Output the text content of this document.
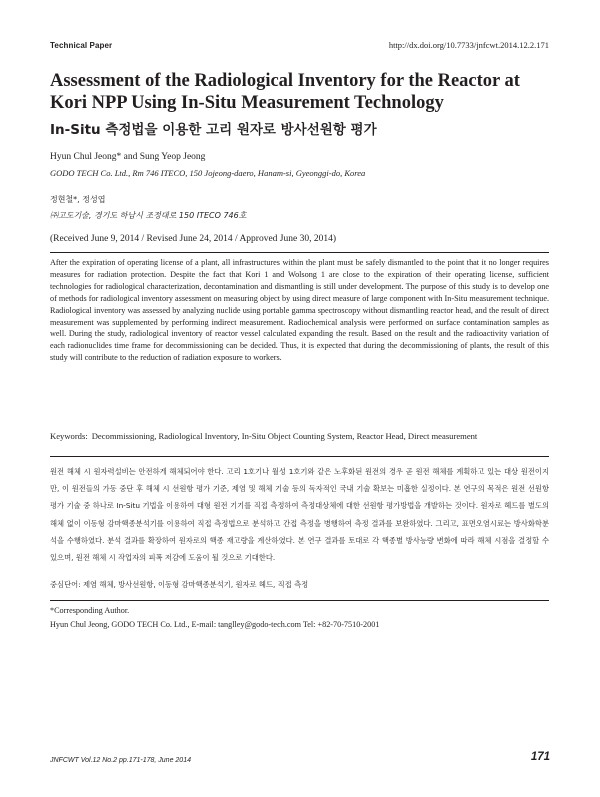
Technical Paper	http://dx.doi.org/10.7733/jnfcwt.2014.12.2.171
Assessment of the Radiological Inventory for the Reactor at Kori NPP Using In-Situ Measurement Technology
In-Situ 측정법을 이용한 고리 원자로 방사선원항 평가
Hyun Chul Jeong* and Sung Yeop Jeong
GODO TECH Co. Ltd., Rm 746 ITECO, 150 Jojeong-daero, Hanam-si, Gyeonggi-do, Korea
정현철*, 정성엽
㈜고도기술, 경기도 하남시 조정대로 150 ITECO 746호
(Received June 9, 2014 / Revised June 24, 2014 / Approved June 30, 2014)

After the expiration of operating license of a plant, all infrastructures within the plant must be safely dismantled to the point that it no longer requires measures for radiation protection. Despite the fact that Kori 1 and Wolsong 1 are close to the expiration of their operating license, sufficient technologies for radiological characterization, decontamination and dismantling is still under development. The purpose of this study is to develop one of methods for radiological inventory assessment on measuring object by using direct measure of large component with In-Situ measurement technique. Radiological inventory was assessed by analyzing nuclide using portable gamma spectroscopy without dismantling reactor head, and the result of direct measurement was supplemented by performing indirect measurement. Radiochemical analysis were performed on surface contamination samples as well. During the study, radiological inventory of reactor vessel calculated expanding the result. Based on the result and the radioactivity variation of each radionuclides time frame for decommissioning can be decided. Thus, it is expected that during the decommissioning of plants, the result of this study will contribute to the reduction of radiation exposure to workers.

Keywords: Decommissioning, Radiological Inventory, In-Situ Object Counting System, Reactor Head, Direct measurement

원전 해체 시 원자력설비는 안전하게 해체되어야 한다. 고리 1호기나 월성 1호기와 같은 노후화된 원전의 경우 곧 원전 해체를 계획하고 있는 대상 원전이지만, 이 원전들의 가동 중단 후 해체 시 선원항 평가 기준, 제염 및 해체 기술 등의 독자적인 국내 기술 확보는 미흡한 실정이다. 본 연구의 목적은 원전 선원항 평가 기술 중 하나로 In-Situ 기법을 이용하여 대형 원전 기기를 직접 측정하여 측정대상체에 대한 선원항 평가방법을 개발하는 것이다. 원자로 헤드를 별도의 해체 없이 이동형 감마핵종분석기를 이용하여 직접 측정법으로 분석하고 간접 측정을 병행하여 측정 결과를 보완하였다. 그리고, 표면오염시료는 방사화학분석을 수행하였다. 분석 결과를 확장하여 원자로의 핵종 재고량을 계산하였다. 본 연구 결과를 토대로 각 핵종별 방사능량 변화에 따라 해체 시점을 결정할 수 있으며, 원전 해체 시 작업자의 피폭 저감에 도움이 될 것으로 기대한다.

중심단어: 제염 해체, 방사선원항, 이동형 감마핵종분석기, 원자로 헤드, 직접 측정
*Corresponding Author.
Hyun Chul Jeong, GODO TECH Co. Ltd., E-mail: tanglley@godo-tech.com Tel: +82-70-7510-2001
JNFCWT Vol.12 No.2 pp.171-178, June 2014	171
